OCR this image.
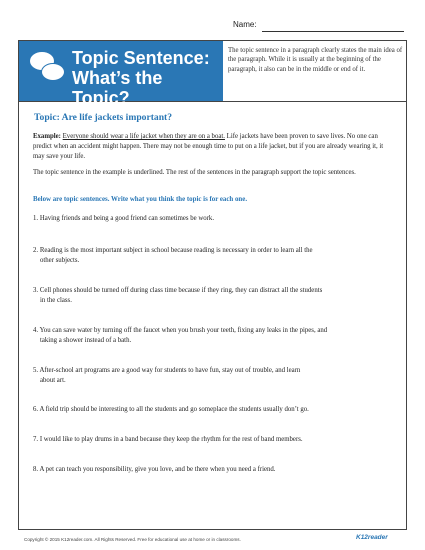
Name:
Topic Sentence:
What’s the Topic?
The topic sentence in a paragraph clearly states the main idea of the paragraph. While it is usually at the beginning of the paragraph, it also can be in the middle or end of it.
Topic: Are life jackets important?
Example: Everyone should wear a life jacket when they are on a boat. Life jackets have been proven to save lives. No one can predict when an accident might happen. There may not be enough time to put on a life jacket, but if you are already wearing it, it may save your life.
The topic sentence in the example is underlined. The rest of the sentences in the paragraph support the topic sentences.
Below are topic sentences. Write what you think the topic is for each one.
1. Having friends and being a good friend can sometimes be work.
2. Reading is the most important subject in school because reading is necessary in order to learn all the
other subjects.
3. Cell phones should be turned off during class time because if they ring, they can distract all the students
in the class.
4. You can save water by turning off the faucet when you brush your teeth, fixing any leaks in the pipes, and
taking a shower instead of a bath.
5. After-school art programs are a good way for students to have fun, stay out of trouble, and learn
about art.
6. A field trip should be interesting to all the students and go someplace the students usually don’t go.
7. I would like to play drums in a band because they keep the rhythm for the rest of band members.
8. A pet can teach you responsibility, give you love, and be there when you need a friend.
Copyright © 2015 K12reader.com. All Rights Reserved. Free for educational use at home or in classrooms.	K12reader
